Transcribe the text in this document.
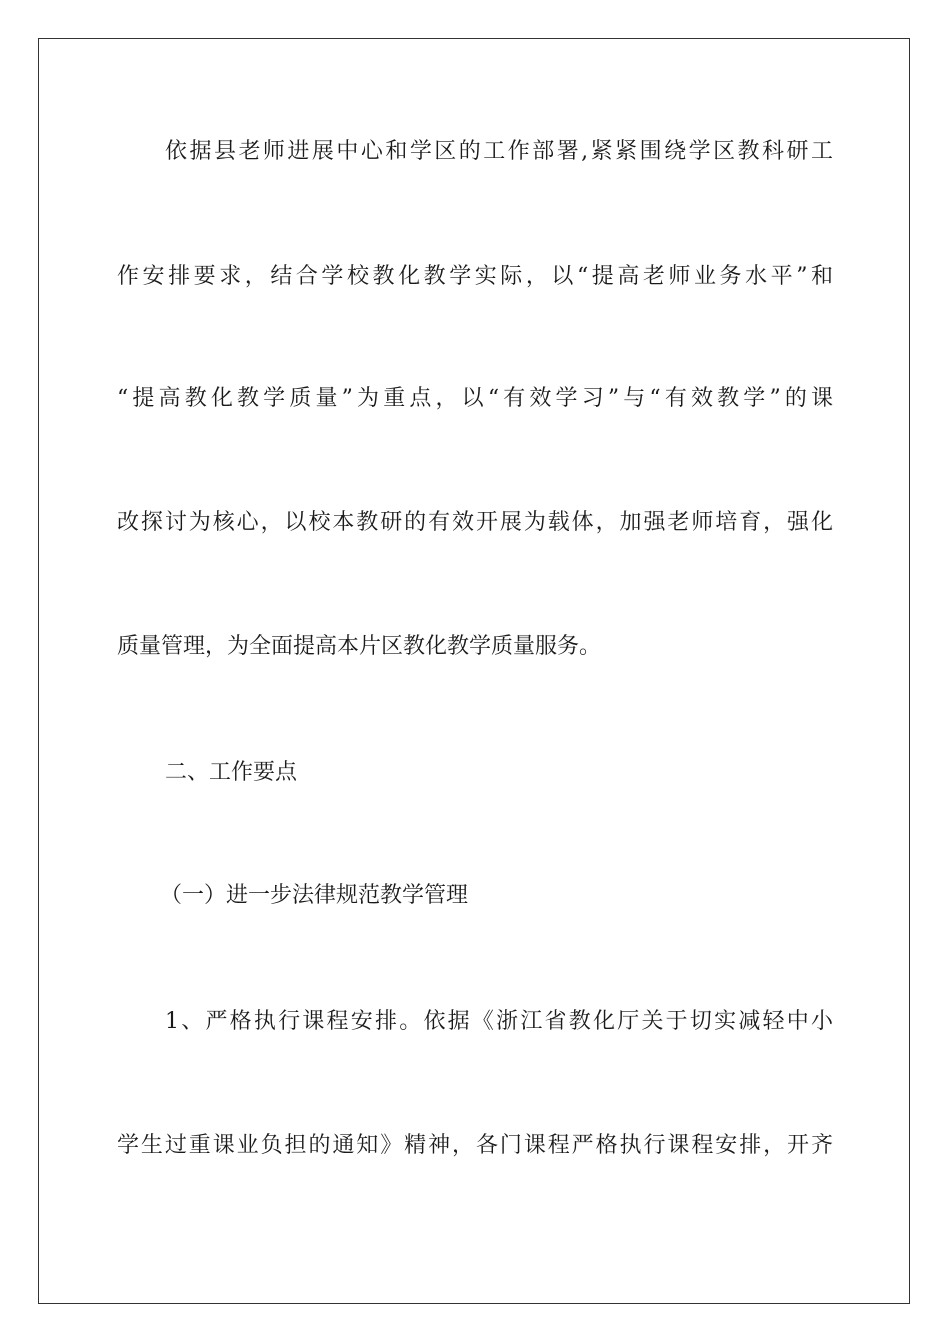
依据县老师进展中心和学区的工作部署,紧紧围绕学区教科研工
作安排要求，结合学校教化教学实际，以“提高老师业务水平”和
“提高教化教学质量”为重点，以“有效学习”与“有效教学”的课
改探讨为核心，以校本教研的有效开展为载体，加强老师培育，强化
质量管理，为全面提高本片区教化教学质量服务。
二、工作要点
（一）进一步法律规范教学管理
1、严格执行课程安排。依据《浙江省教化厅关于切实减轻中小
学生过重课业负担的通知》精神，各门课程严格执行课程安排，开齐
